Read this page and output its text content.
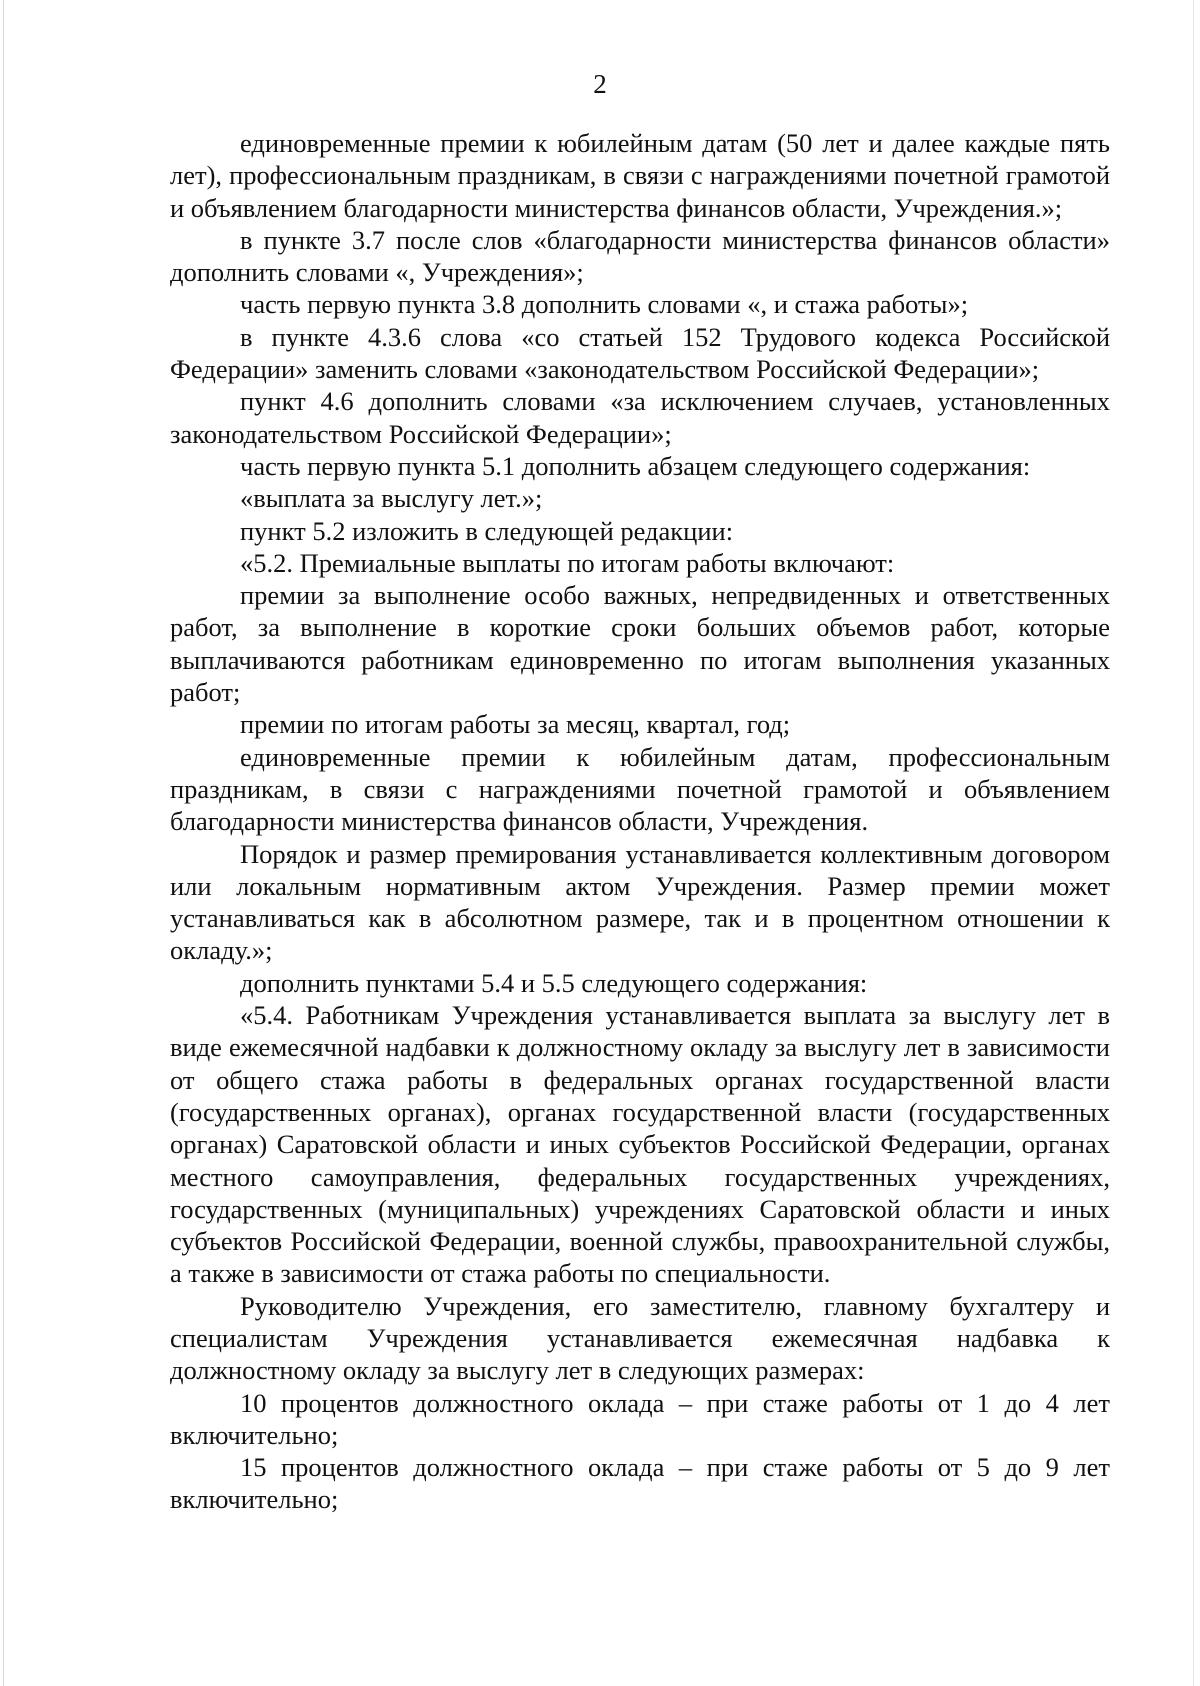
2

единовременные премии к юбилейным датам (50 лет и далее каждые пять лет), профессиональным праздникам, в связи с награждениями почетной грамотой и объявлением благодарности министерства финансов области, Учреждения.»;

в пункте 3.7 после слов «благодарности министерства финансов области» дополнить словами «, Учреждения»;

часть первую пункта 3.8 дополнить словами «, и стажа работы»;

в пункте 4.3.6 слова «со статьей 152 Трудового кодекса Российской Федерации» заменить словами «законодательством Российской Федерации»;

пункт 4.6 дополнить словами «за исключением случаев, установленных законодательством Российской Федерации»;

часть первую пункта 5.1 дополнить абзацем следующего содержания:

«выплата за выслугу лет.»;

пункт 5.2 изложить в следующей редакции:

«5.2. Премиальные выплаты по итогам работы включают:

премии за выполнение особо важных, непредвиденных и ответственных работ, за выполнение в короткие сроки больших объемов работ, которые выплачиваются работникам единовременно по итогам выполнения указанных работ;

премии по итогам работы за месяц, квартал, год;

единовременные премии к юбилейным датам, профессиональным праздникам, в связи с награждениями почетной грамотой и объявлением благодарности министерства финансов области, Учреждения.

Порядок и размер премирования устанавливается коллективным договором или локальным нормативным актом Учреждения. Размер премии может устанавливаться как в абсолютном размере, так и в процентном отношении к окладу.»;

дополнить пунктами 5.4 и 5.5 следующего содержания:

«5.4. Работникам Учреждения устанавливается выплата за выслугу лет в виде ежемесячной надбавки к должностному окладу за выслугу лет в зависимости от общего стажа работы в федеральных органах государственной власти (государственных органах), органах государственной власти (государственных органах) Саратовской области и иных субъектов Российской Федерации, органах местного самоуправления, федеральных государственных учреждениях, государственных (муниципальных) учреждениях Саратовской области и иных субъектов Российской Федерации, военной службы, правоохранительной службы, а также в зависимости от стажа работы по специальности.

Руководителю Учреждения, его заместителю, главному бухгалтеру и специалистам Учреждения устанавливается ежемесячная надбавка к должностному окладу за выслугу лет в следующих размерах:

10 процентов должностного оклада – при стаже работы от 1 до 4 лет включительно;

15 процентов должностного оклада – при стаже работы от 5 до 9 лет включительно;
